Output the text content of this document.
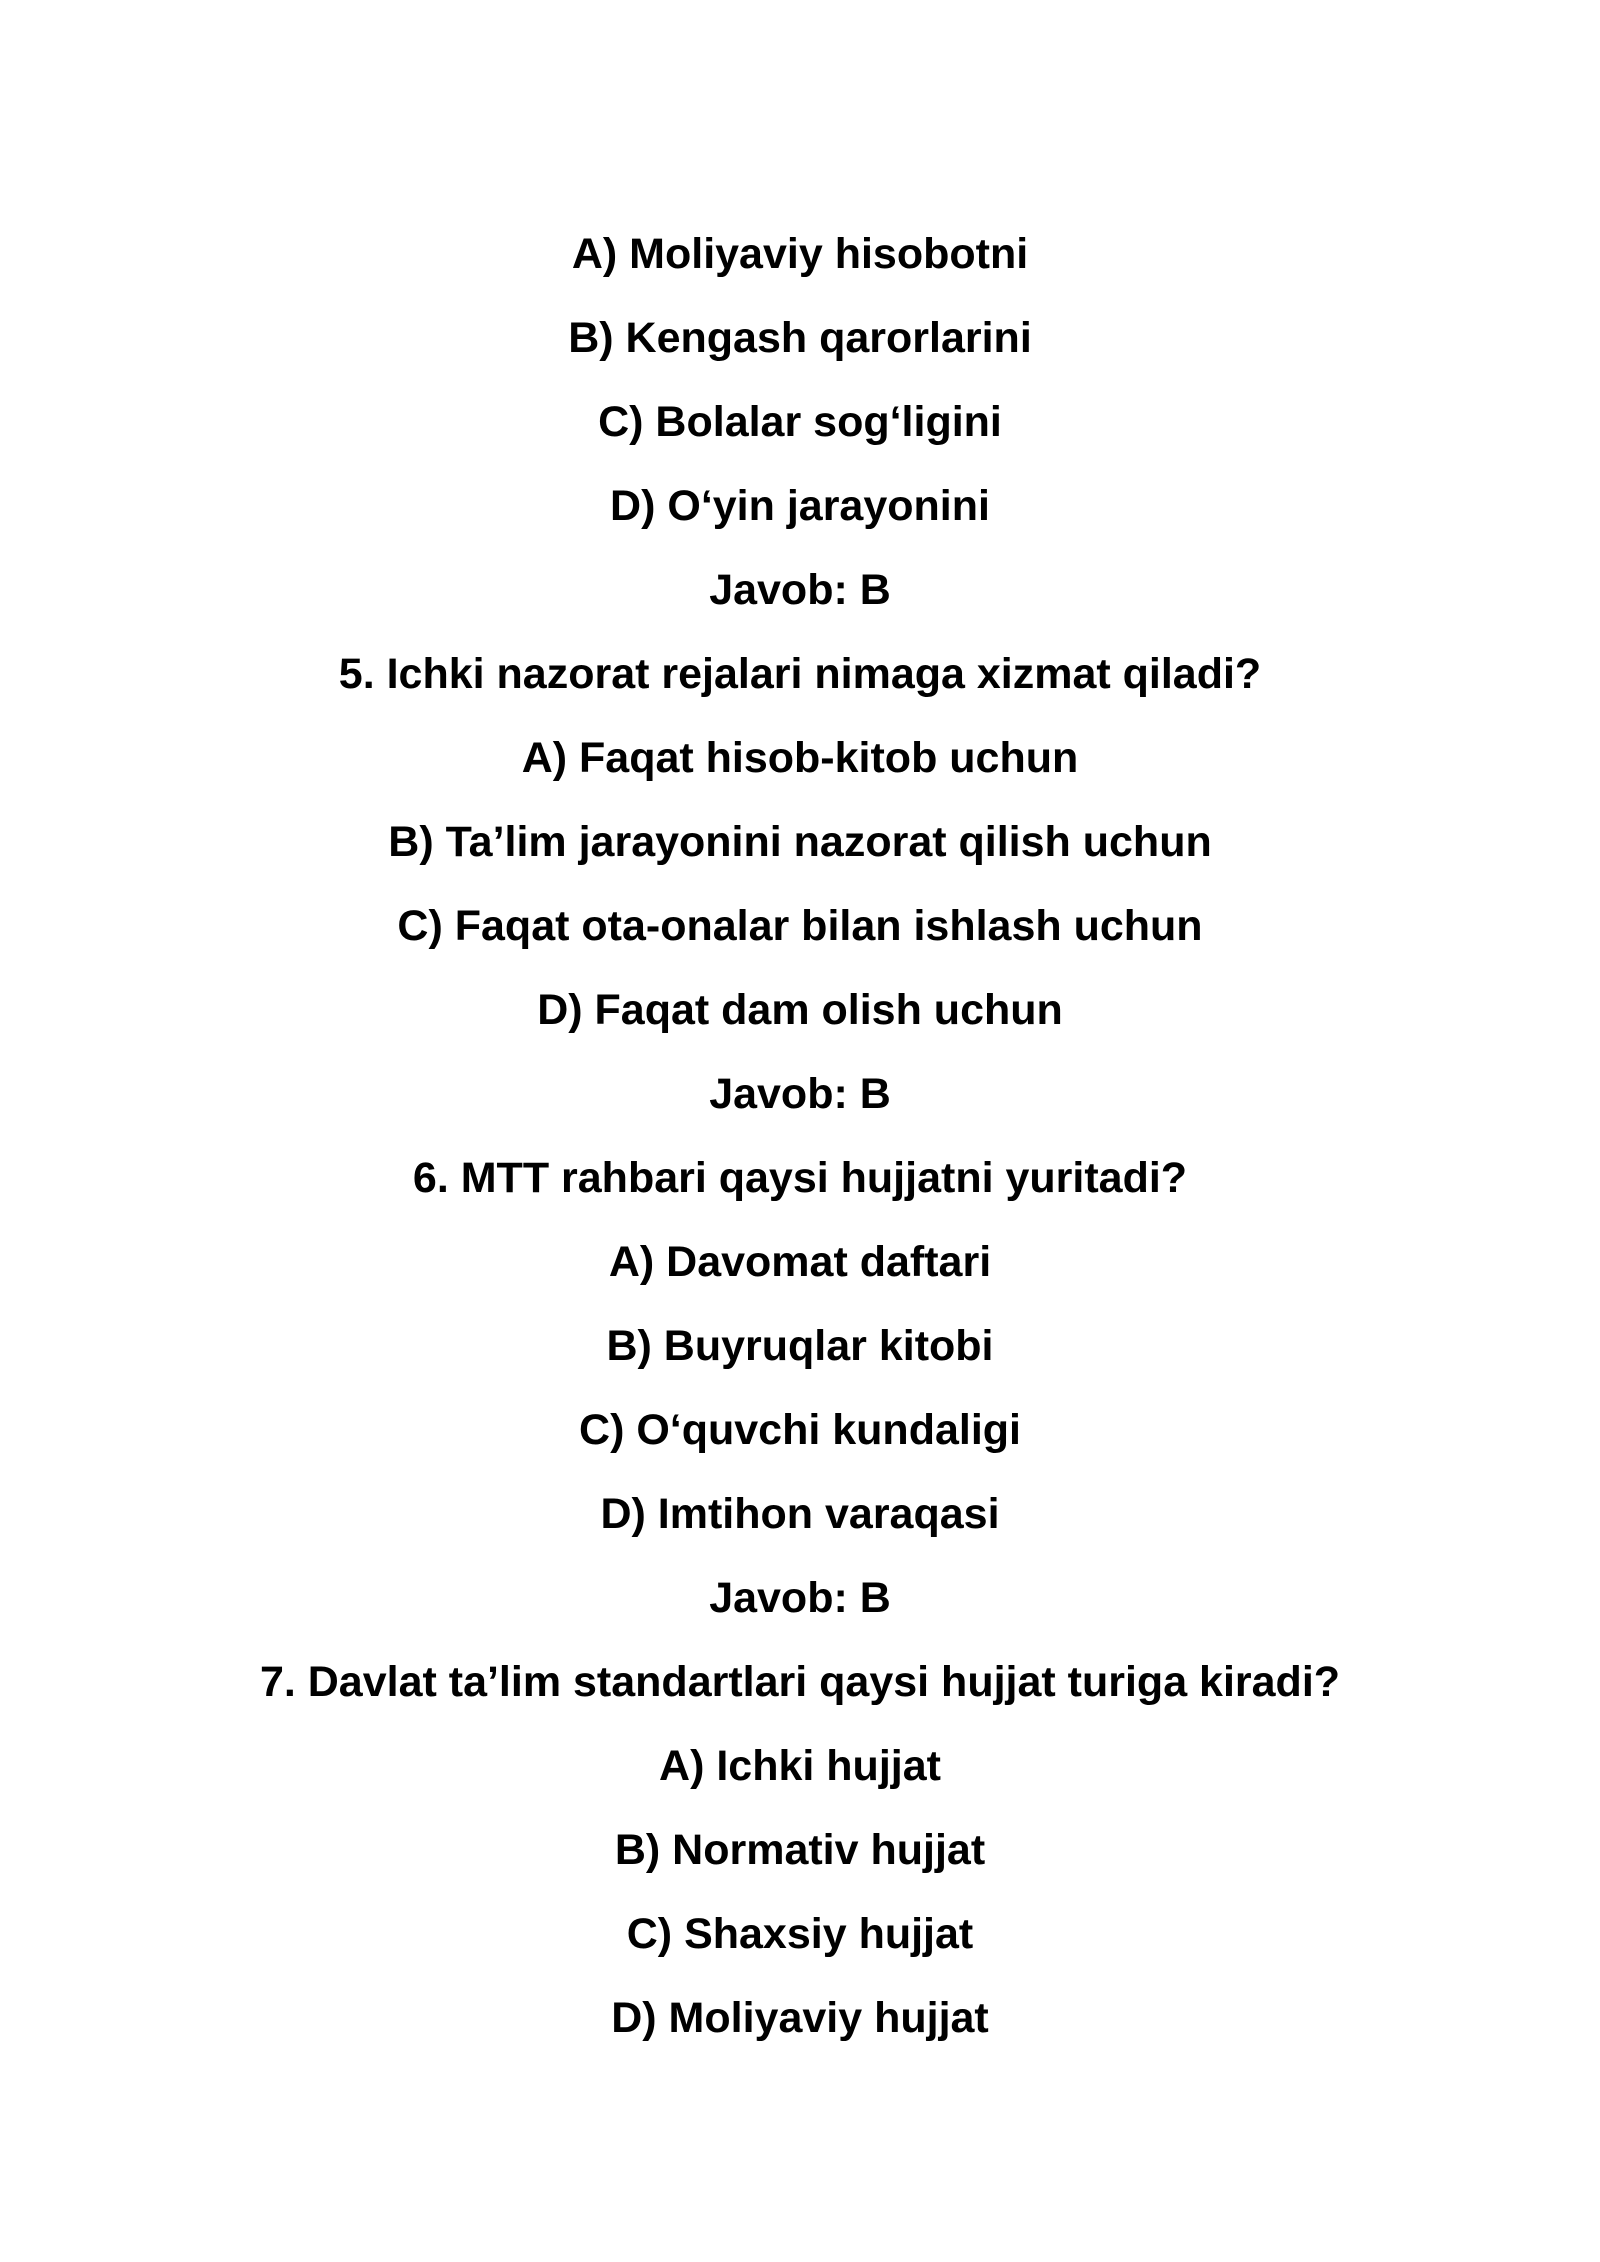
A) Moliyaviy hisobotni
B) Kengash qarorlarini
C) Bolalar sog‘ligini
D) O‘yin jarayonini
Javob: B
5. Ichki nazorat rejalari nimaga xizmat qiladi?
A) Faqat hisob-kitob uchun
B) Ta’lim jarayonini nazorat qilish uchun
C) Faqat ota-onalar bilan ishlash uchun
D) Faqat dam olish uchun
Javob: B
6. MTT rahbari qaysi hujjatni yuritadi?
A) Davomat daftari
B) Buyruqlar kitobi
C) O‘quvchi kundaligi
D) Imtihon varaqasi
Javob: B
7. Davlat ta’lim standartlari qaysi hujjat turiga kiradi?
A) Ichki hujjat
B) Normativ hujjat
C) Shaxsiy hujjat
D) Moliyaviy hujjat
